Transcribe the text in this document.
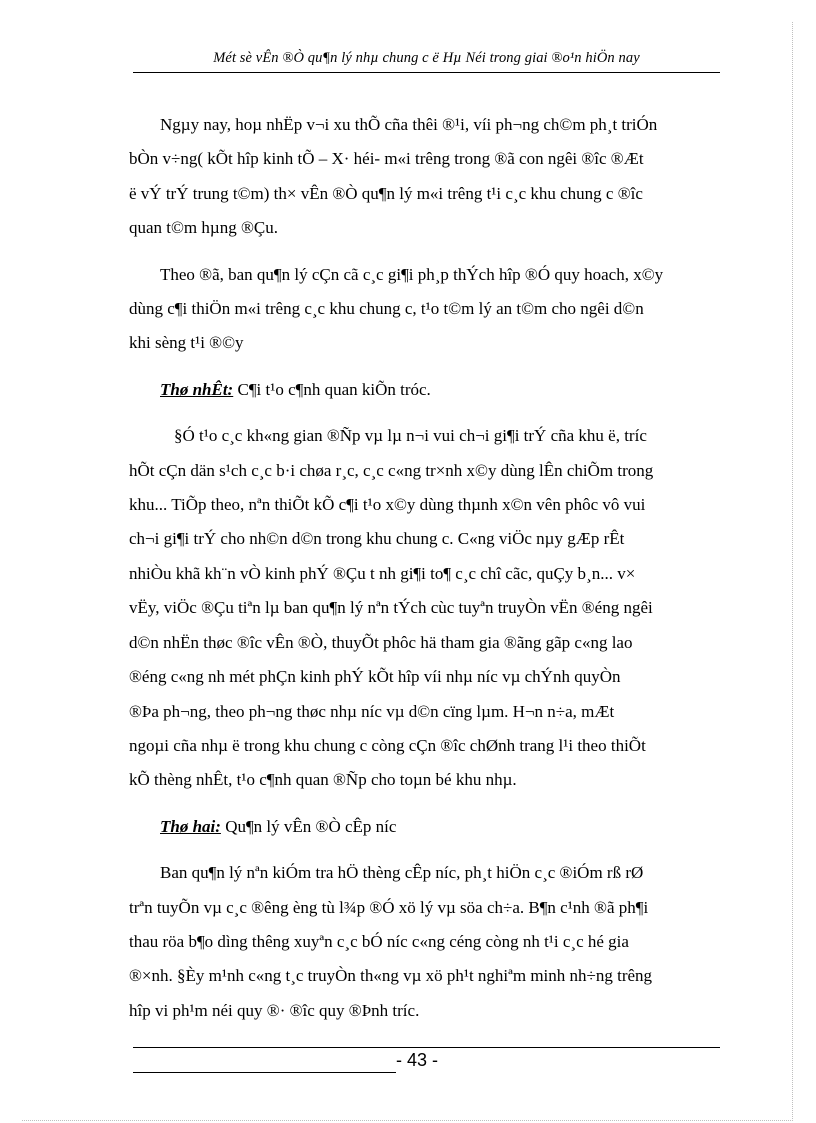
Mét sè vÊn ®Ò qu¶n lý nhµ chung c ë Hµ Néi trong giai ®o¹n hiÖn nay

Ngµy nay, hoµ nhËp v¬i xu thÕ cña thêi ®¹i, víi ph¬ng ch©m ph¸t triÓn

bÒn v÷ng( kÕt hîp kinh tÕ – X· héi- m«i trêng trong ®ã con ngêi ®îc ®Æt

ë vÝ trÝ trung t©m) th× vÊn ®Ò qu¶n lý m«i trêng t¹i c¸c khu chung c ®îc

quan t©m hµng ®Çu.

Theo ®ã, ban qu¶n lý cÇn cã c¸c gi¶i ph¸p thÝch hîp ®Ó quy hoach, x©y

dùng c¶i thiÖn m«i trêng c¸c khu chung c, t¹o t©m lý an t©m cho ngêi d©n

khi sèng t¹i ®©y

Thø nhÊt: C¶i t¹o c¶nh quan kiÕn tróc.

§Ó t¹o c¸c kh«ng gian ®Ñp vµ lµ n¬i vui ch¬i gi¶i trÝ cña khu ë, tríc

hÕt cÇn dän s¹ch c¸c b·i chøa r¸c, c¸c c«ng tr×nh x©y dùng lÊn chiÕm trong

khu... TiÕp theo, nªn thiÕt kÕ c¶i t¹o x©y dùng thµnh x©n vên phôc vô vui

ch¬i gi¶i trÝ cho nh©n d©n trong khu chung c. C«ng viÖc nµy gÆp rÊt

nhiÒu khã kh¨n vÒ kinh phÝ ®Çu t nh gi¶i to¶ c¸c chî cãc, quÇy b¸n... v×

vËy, viÖc ®Çu tiªn lµ ban qu¶n lý nªn tÝch cùc tuyªn truyÒn vËn ®éng ngêi

d©n nhËn thøc ®îc vÊn ®Ò, thuyÕt phôc hä tham gia ®ãng gãp c«ng lao

®éng c«ng nh mét phÇn kinh phÝ kÕt hîp víi nhµ níc vµ chÝnh quyÒn

®Þa ph¬ng, theo ph¬ng thøc nhµ níc vµ d©n cïng lµm. H¬n n÷a, mÆt

ngoµi cña nhµ ë trong khu chung c còng cÇn ®îc chØnh trang l¹i theo thiÕt

kÕ thèng nhÊt, t¹o c¶nh quan ®Ñp cho toµn bé khu nhµ.

Thø hai: Qu¶n lý vÊn ®Ò cÊp níc

Ban qu¶n lý nªn kiÓm tra hÖ thèng cÊp níc, ph¸t hiÖn c¸c ®iÓm rß rØ

trªn tuyÕn vµ c¸c ®êng èng tù l¾p ®Ó xö lý vµ söa ch÷a. B¶n c¹nh ®ã ph¶i

thau röa b¶o dìng thêng xuyªn c¸c bÓ níc c«ng céng còng nh t¹i c¸c hé gia

®×nh. §Èy m¹nh c«ng t¸c truyÒn th«ng vµ xö ph¹t nghiªm minh nh÷ng trêng

hîp vi ph¹m néi quy ®· ®îc quy ®Þnh tríc.

- 43 -
